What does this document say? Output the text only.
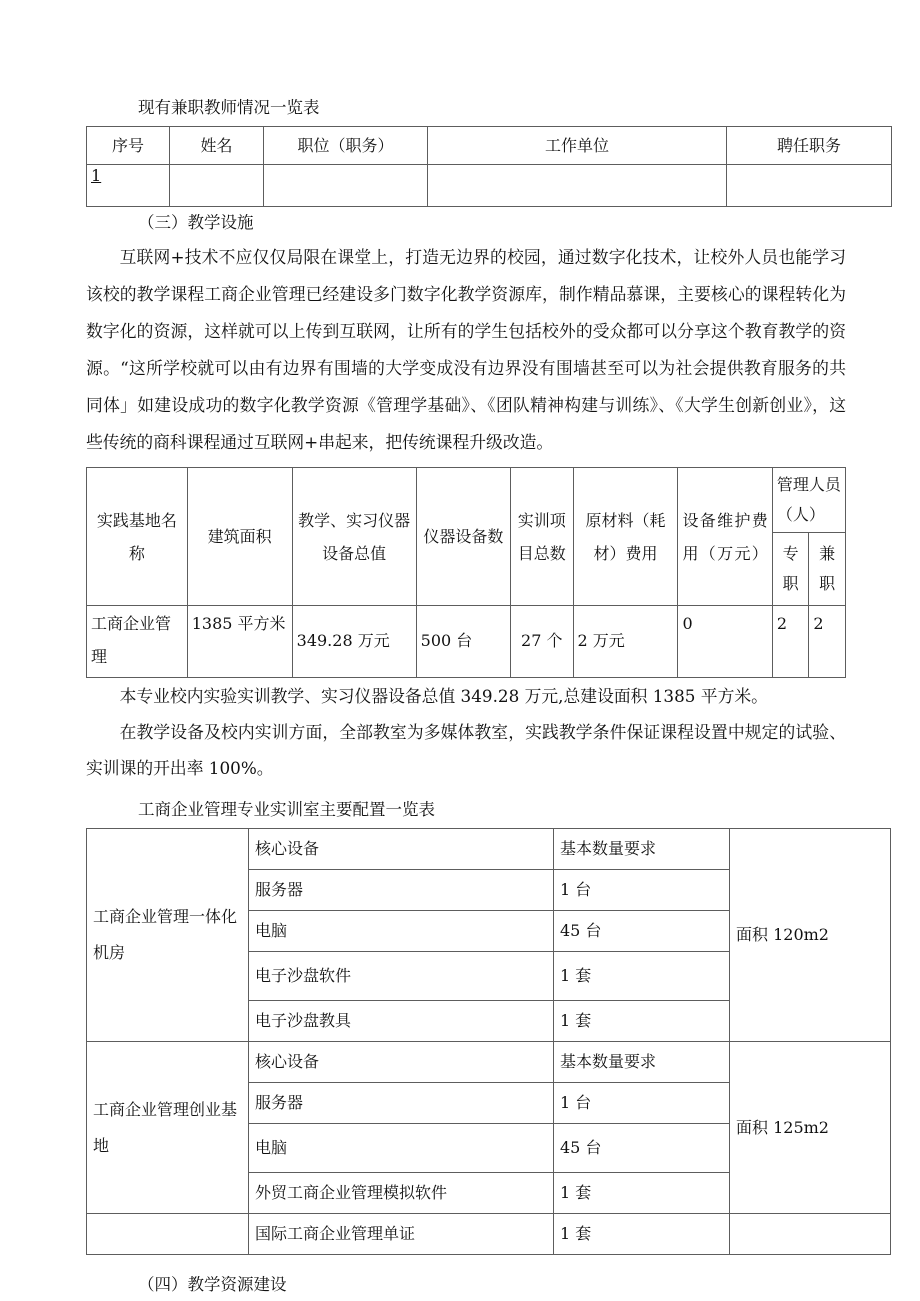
现有兼职教师情况一览表
序号	姓名	职位（职务）	工作单位	聘任职务
1				
（三）教学设施

互联网+技术不应仅仅局限在课堂上，打造无边界的校园，通过数字化技术，让校外人员也能学习该校的教学课程工商企业管理已经建设多门数字化教学资源库，制作精品慕课，主要核心的课程转化为数字化的资源，这样就可以上传到互联网，让所有的学生包括校外的受众都可以分享这个教育教学的资源。“这所学校就可以由有边界有围墙的大学变成没有边界没有围墙甚至可以为社会提供教育服务的共同体」如建设成功的数字化教学资源《管理学基础》、《团队精神构建与训练》、《大学生创新创业》，这些传统的商科课程通过互联网+串起来，把传统课程升级改造。

实践基地名称	建筑面积	教学、实习仪器设备总值	仪器设备数	实训项目总数	原材料（耗材）费用	设备维护费用（万元）	管理人员（人）	
							专职	兼职
工商企业管理	1385 平方米	349.28 万元	500 台	27 个	2 万元	0	2	2

本专业校内实验实训教学、实习仪器设备总值 349.28 万元,总建设面积 1385 平方米。

在教学设备及校内实训方面，全部教室为多媒体教室，实践教学条件保证课程设置中规定的试验、实训课的开出率 100%。

工商企业管理专业实训室主要配置一览表
工商企业管理一体化机房	核心设备	基本数量要求	面积 120m2
	服务器	1 台	
	电脑	45 台	
	电子沙盘软件	1 套	
	电子沙盘教具	1 套	
工商企业管理创业基地	核心设备	基本数量要求	面积 125m2
	服务器	1 台	
	电脑	45 台	
	外贸工商企业管理模拟软件	1 套	
	国际工商企业管理单证	1 套	
（四）教学资源建设
